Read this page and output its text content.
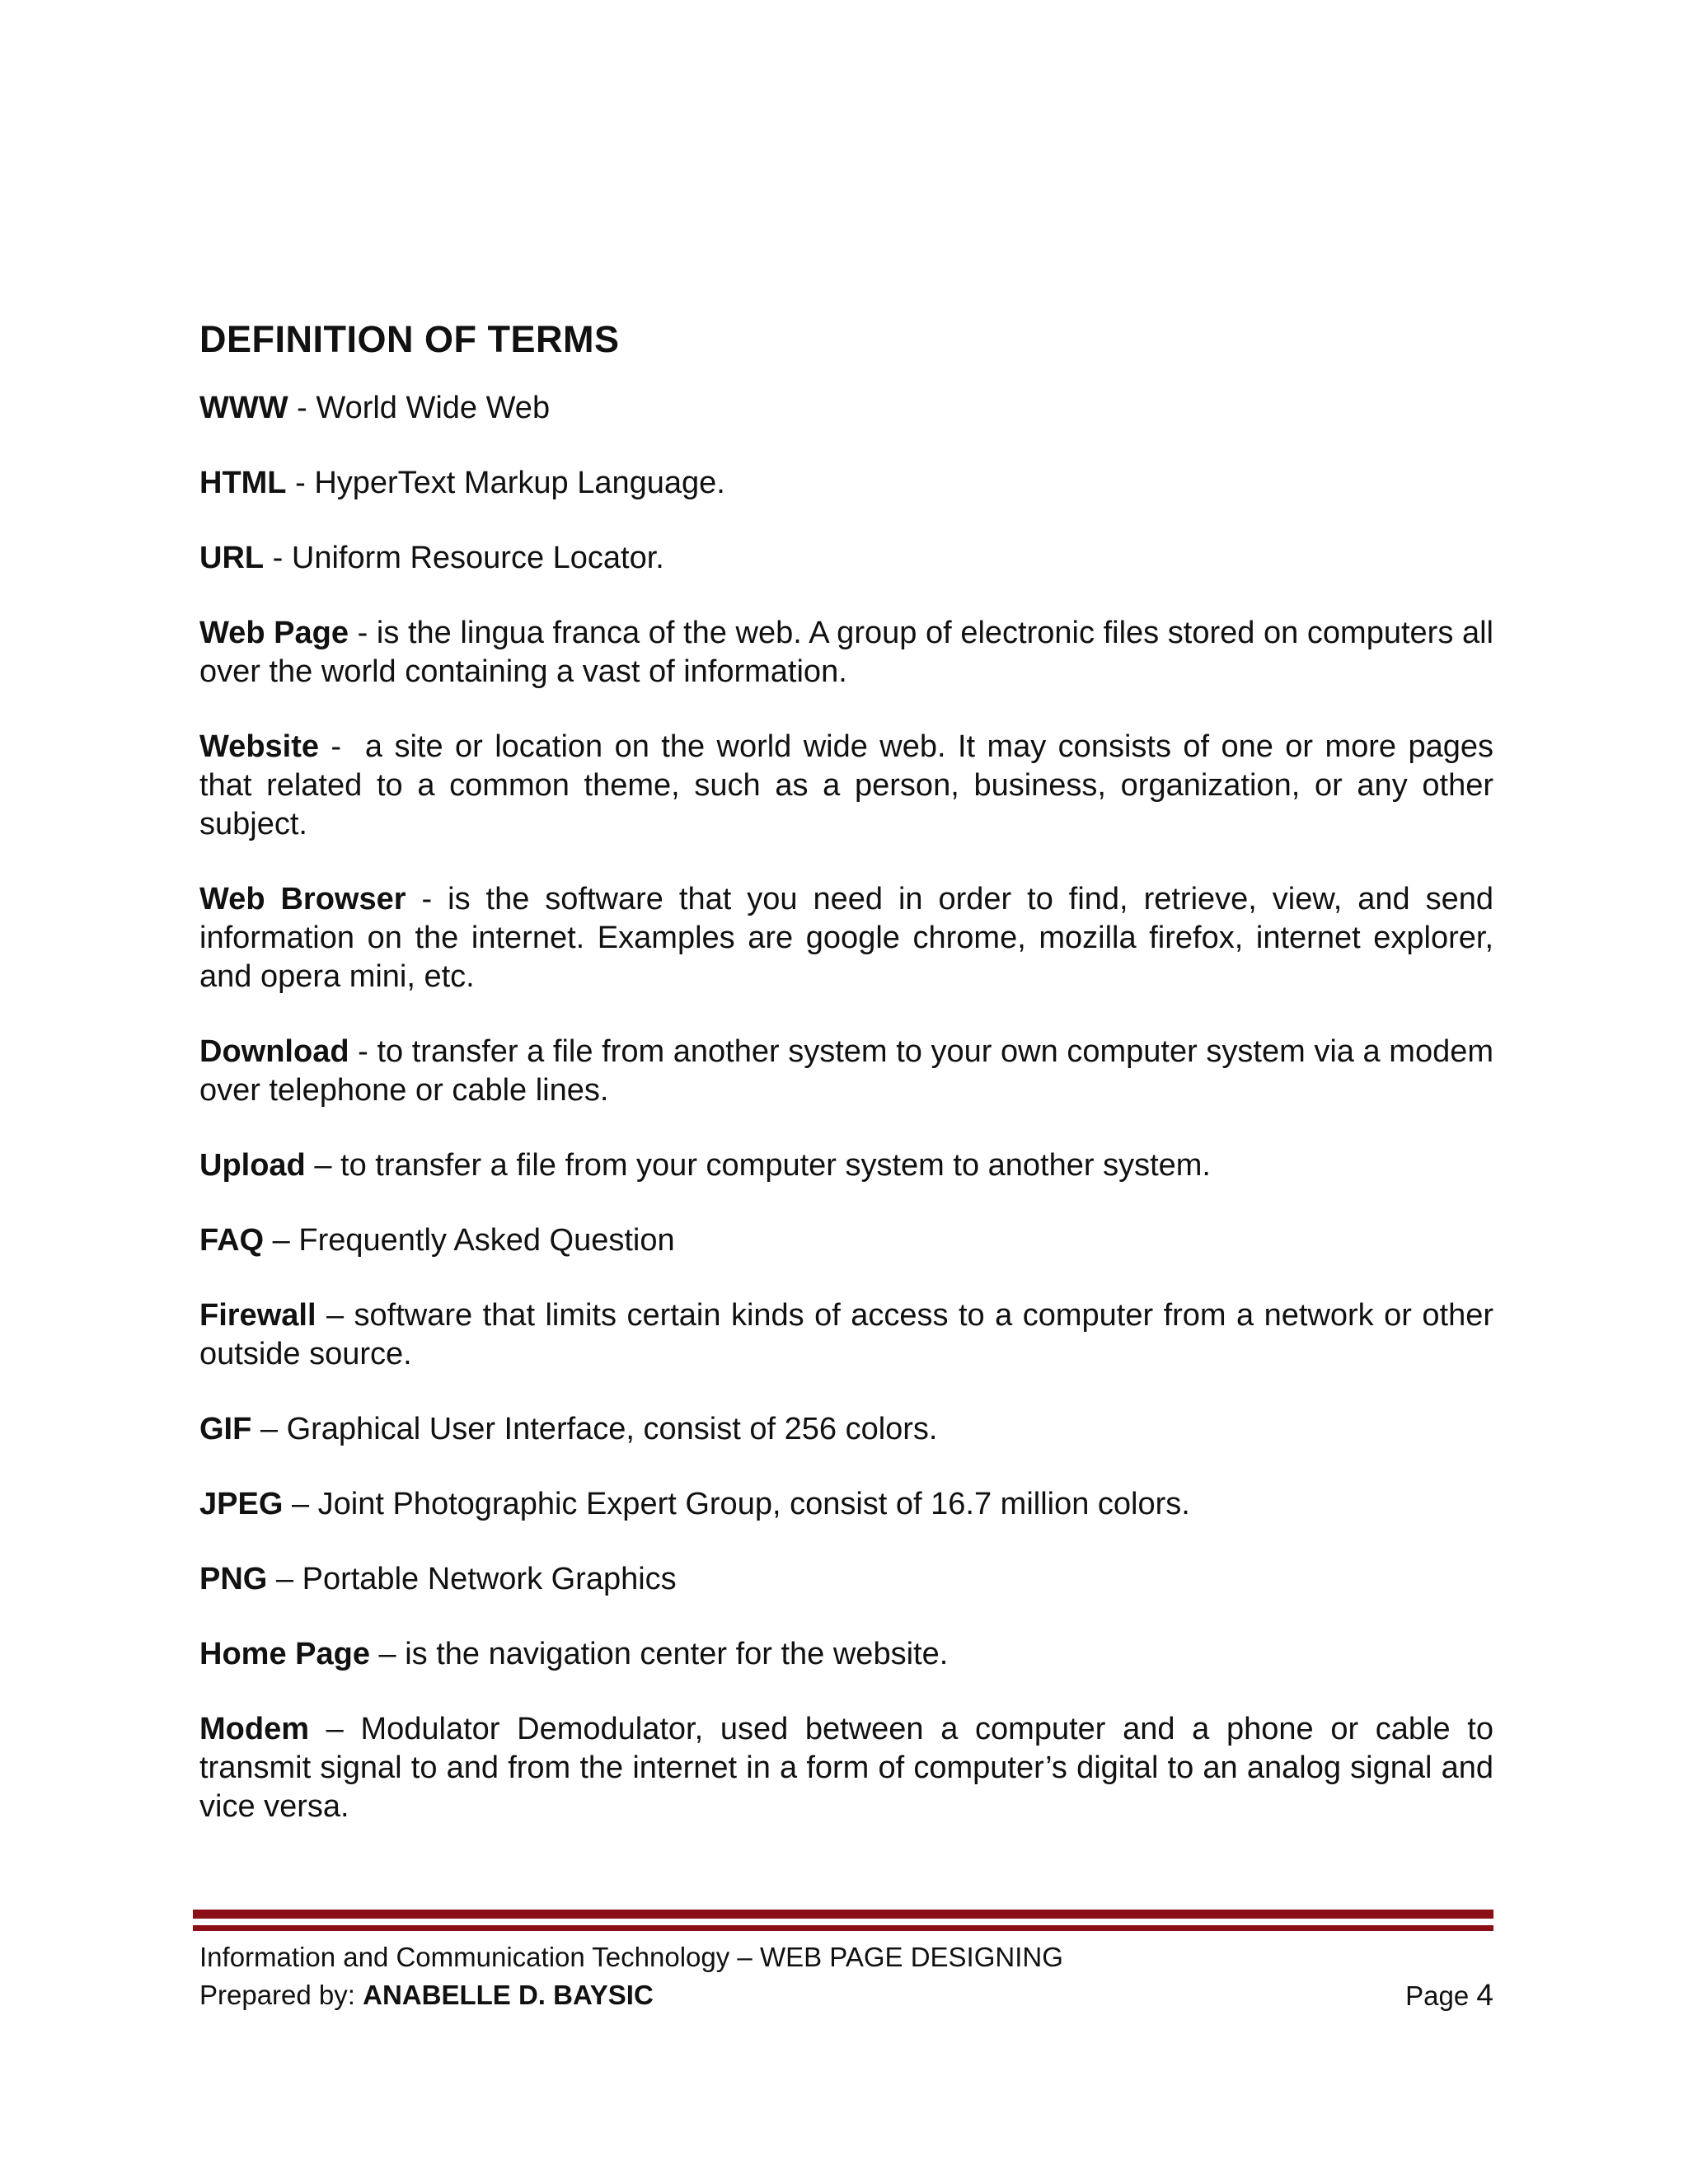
DEFINITION OF TERMS

WWW - World Wide Web

HTML - HyperText Markup Language.

URL - Uniform Resource Locator.

Web Page - is the lingua franca of the web. A group of electronic files stored on computers all over the world containing a vast of information.

Website -  a site or location on the world wide web. It may consists of one or more pages that related to a common theme, such as a person, business, organization, or any other subject.

Web Browser - is the software that you need in order to find, retrieve, view, and send information on the internet. Examples are google chrome, mozilla firefox, internet explorer, and opera mini, etc.

Download - to transfer a file from another system to your own computer system via a modem over telephone or cable lines.

Upload – to transfer a file from your computer system to another system.

FAQ – Frequently Asked Question

Firewall – software that limits certain kinds of access to a computer from a network or other outside source.

GIF – Graphical User Interface, consist of 256 colors.

JPEG – Joint Photographic Expert Group, consist of 16.7 million colors.

PNG – Portable Network Graphics

Home Page – is the navigation center for the website.

Modem – Modulator Demodulator, used between a computer and a phone or cable to transmit signal to and from the internet in a form of computer’s digital to an analog signal and vice versa.

Information and Communication Technology – WEB PAGE DESIGNING
Prepared by: ANABELLE D. BAYSIC	Page 4
